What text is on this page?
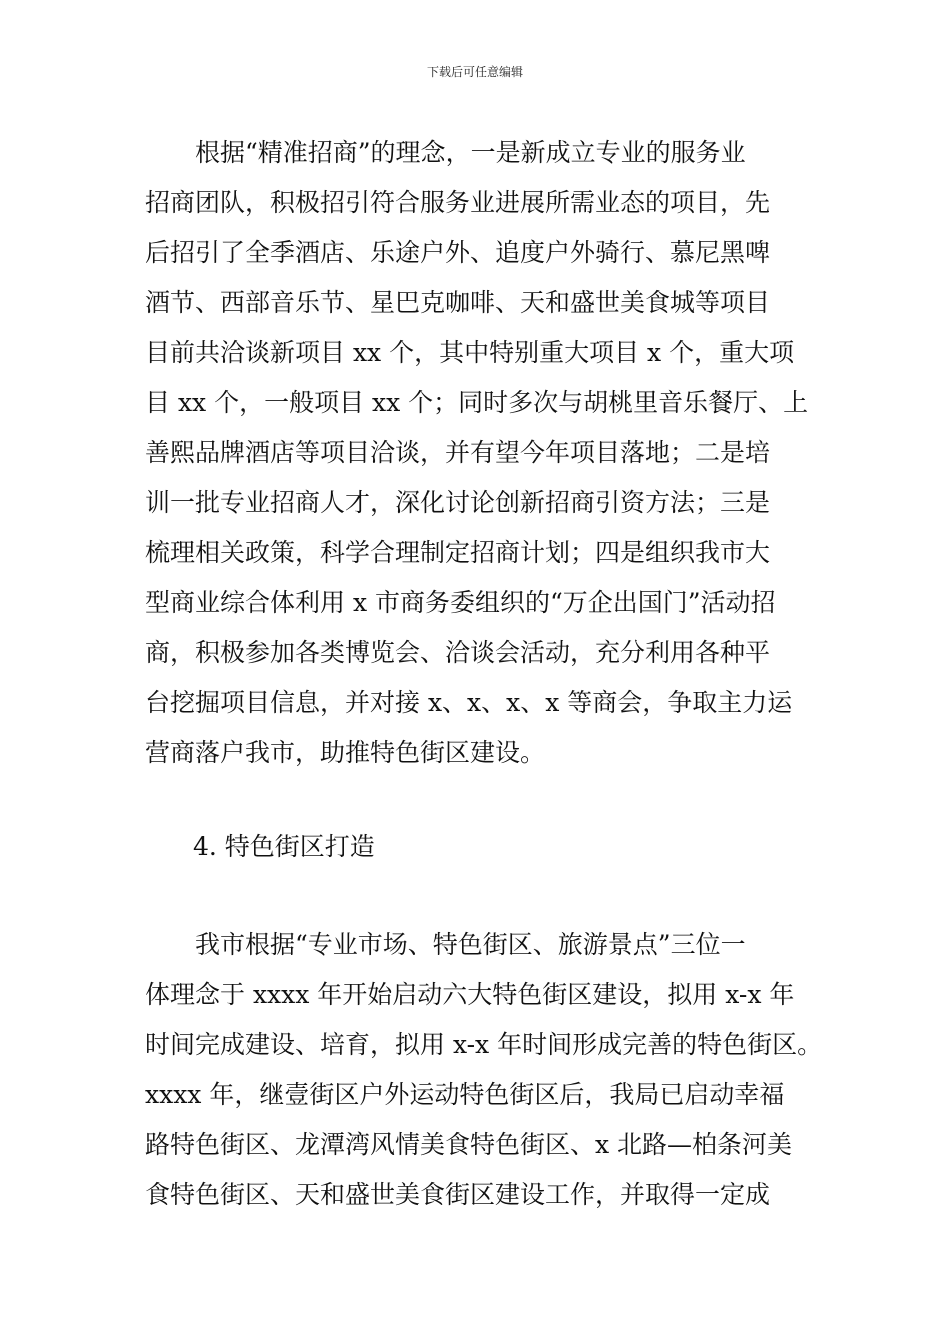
下载后可任意编辑
　　根据“精准招商”的理念，一是新成立专业的服务业
招商团队，积极招引符合服务业进展所需业态的项目，先
后招引了全季酒店、乐途户外、追度户外骑行、慕尼黑啤
酒节、西部音乐节、星巴克咖啡、天和盛世美食城等项目
目前共洽谈新项目 xx 个，其中特别重大项目 x 个，重大项
目 xx 个，一般项目 xx 个；同时多次与胡桃里音乐餐厅、上
善熙品牌酒店等项目洽谈，并有望今年项目落地；二是培
训一批专业招商人才，深化讨论创新招商引资方法；三是
梳理相关政策，科学合理制定招商计划；四是组织我市大
型商业综合体利用 x 市商务委组织的“万企出国门”活动招
商，积极参加各类博览会、洽谈会活动，充分利用各种平
台挖掘项目信息，并对接 x、x、x、x 等商会，争取主力运
营商落户我市，助推特色街区建设。
4. 特色街区打造
　　我市根据“专业市场、特色街区、旅游景点”三位一
体理念于 xxxx 年开始启动六大特色街区建设，拟用 x-x 年
时间完成建设、培育，拟用 x-x 年时间形成完善的特色街区。
xxxx 年，继壹街区户外运动特色街区后，我局已启动幸福
路特色街区、龙潭湾风情美食特色街区、x 北路—柏条河美
食特色街区、天和盛世美食街区建设工作，并取得一定成
